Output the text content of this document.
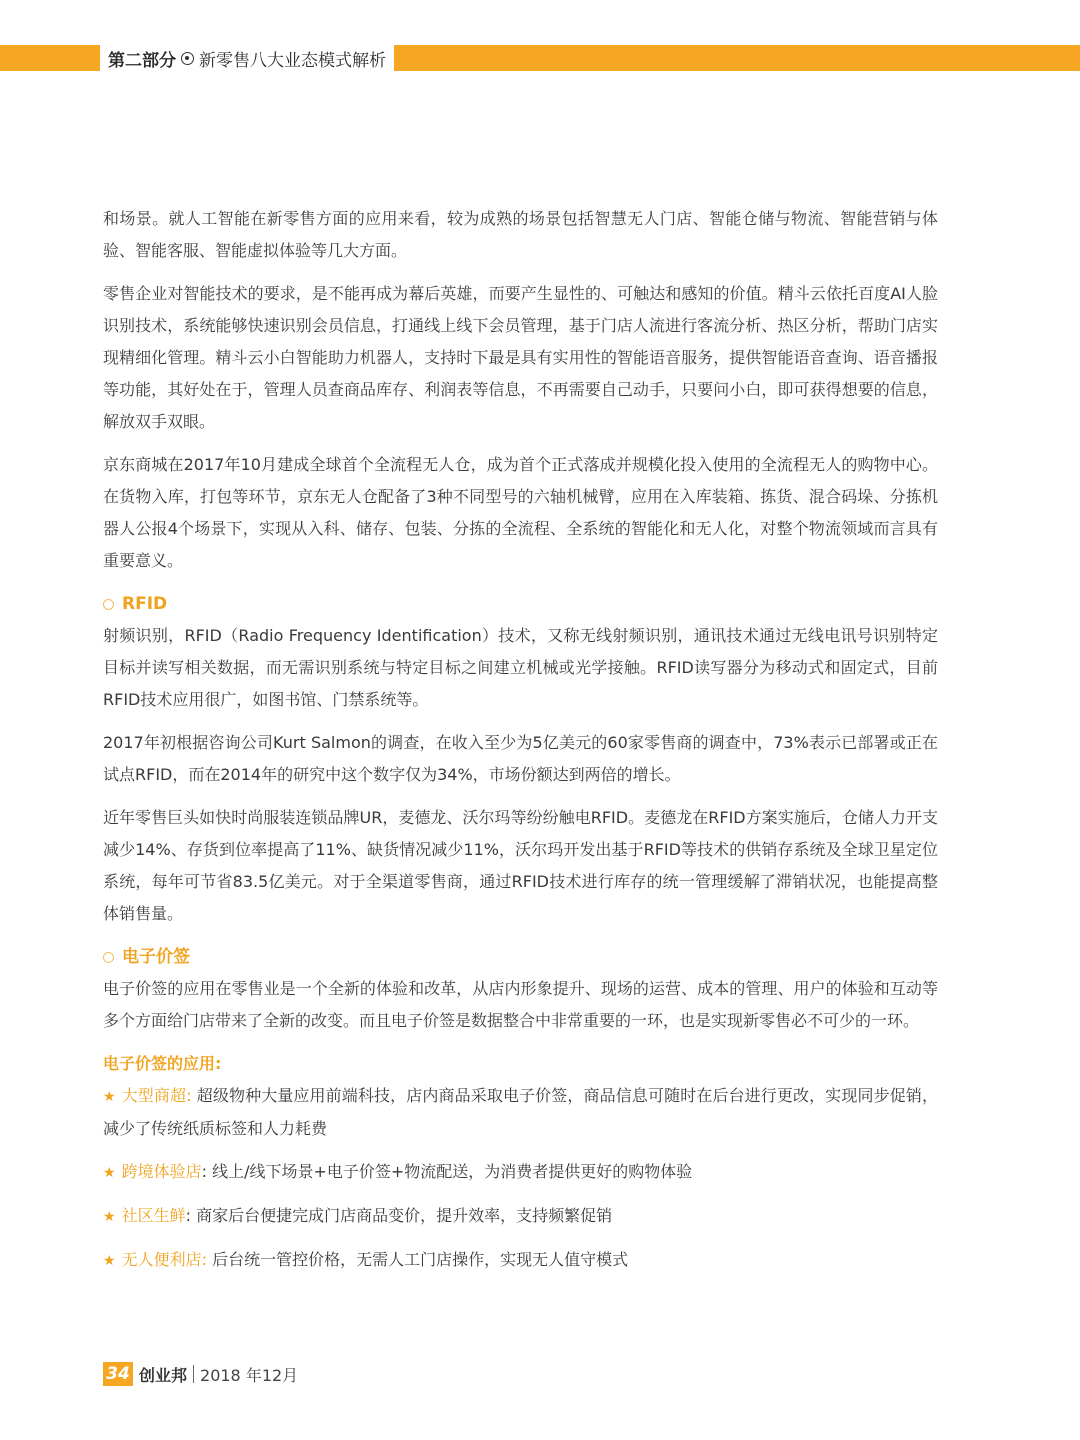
第二部分 新零售八大业态模式解析

和场景。就人工智能在新零售方面的应用来看，较为成熟的场景包括智慧无人门店、智能仓储与物流、智能营销与体验、智能客服、智能虚拟体验等几大方面。

零售企业对智能技术的要求，是不能再成为幕后英雄，而要产生显性的、可触达和感知的价值。精斗云依托百度AI人脸识别技术，系统能够快速识别会员信息，打通线上线下会员管理，基于门店人流进行客流分析、热区分析，帮助门店实现精细化管理。精斗云小白智能助力机器人，支持时下最是具有实用性的智能语音服务，提供智能语音查询、语音播报等功能，其好处在于，管理人员查商品库存、利润表等信息，不再需要自己动手，只要问小白，即可获得想要的信息，解放双手双眼。

京东商城在2017年10月建成全球首个全流程无人仓，成为首个正式落成并规模化投入使用的全流程无人的购物中心。在货物入库，打包等环节，京东无人仓配备了3种不同型号的六轴机械臂，应用在入库装箱、拣货、混合码垛、分拣机器人公报4个场景下，实现从入科、储存、包装、分拣的全流程、全系统的智能化和无人化，对整个物流领域而言具有重要意义。

RFID

射频识别，RFID（Radio Frequency Identification）技术，又称无线射频识别，通讯技术通过无线电讯号识别特定目标并读写相关数据，而无需识别系统与特定目标之间建立机械或光学接触。RFID读写器分为移动式和固定式，目前RFID技术应用很广，如图书馆、门禁系统等。

2017年初根据咨询公司Kurt Salmon的调查，在收入至少为5亿美元的60家零售商的调查中，73%表示已部署或正在试点RFID，而在2014年的研究中这个数字仅为34%，市场份额达到两倍的增长。

近年零售巨头如快时尚服装连锁品牌UR，麦德龙、沃尔玛等纷纷触电RFID。麦德龙在RFID方案实施后，仓储人力开支减少14%、存货到位率提高了11%、缺货情况减少11%，沃尔玛开发出基于RFID等技术的供销存系统及全球卫星定位系统，每年可节省83.5亿美元。对于全渠道零售商，通过RFID技术进行库存的统一管理缓解了滞销状况，也能提高整体销售量。

电子价签

电子价签的应用在零售业是一个全新的体验和改革，从店内形象提升、现场的运营、成本的管理、用户的体验和互动等多个方面给门店带来了全新的改变。而且电子价签是数据整合中非常重要的一环，也是实现新零售必不可少的一环。

电子价签的应用:

★ 大型商超: 超级物种大量应用前端科技，店内商品采取电子价签，商品信息可随时在后台进行更改，实现同步促销，减少了传统纸质标签和人力耗费
★ 跨境体验店: 线上/线下场景+电子价签+物流配送，为消费者提供更好的购物体验
★ 社区生鲜: 商家后台便捷完成门店商品变价，提升效率，支持频繁促销
★ 无人便利店: 后台统一管控价格，无需人工门店操作，实现无人值守模式
34 创业邦 2018 年12月
